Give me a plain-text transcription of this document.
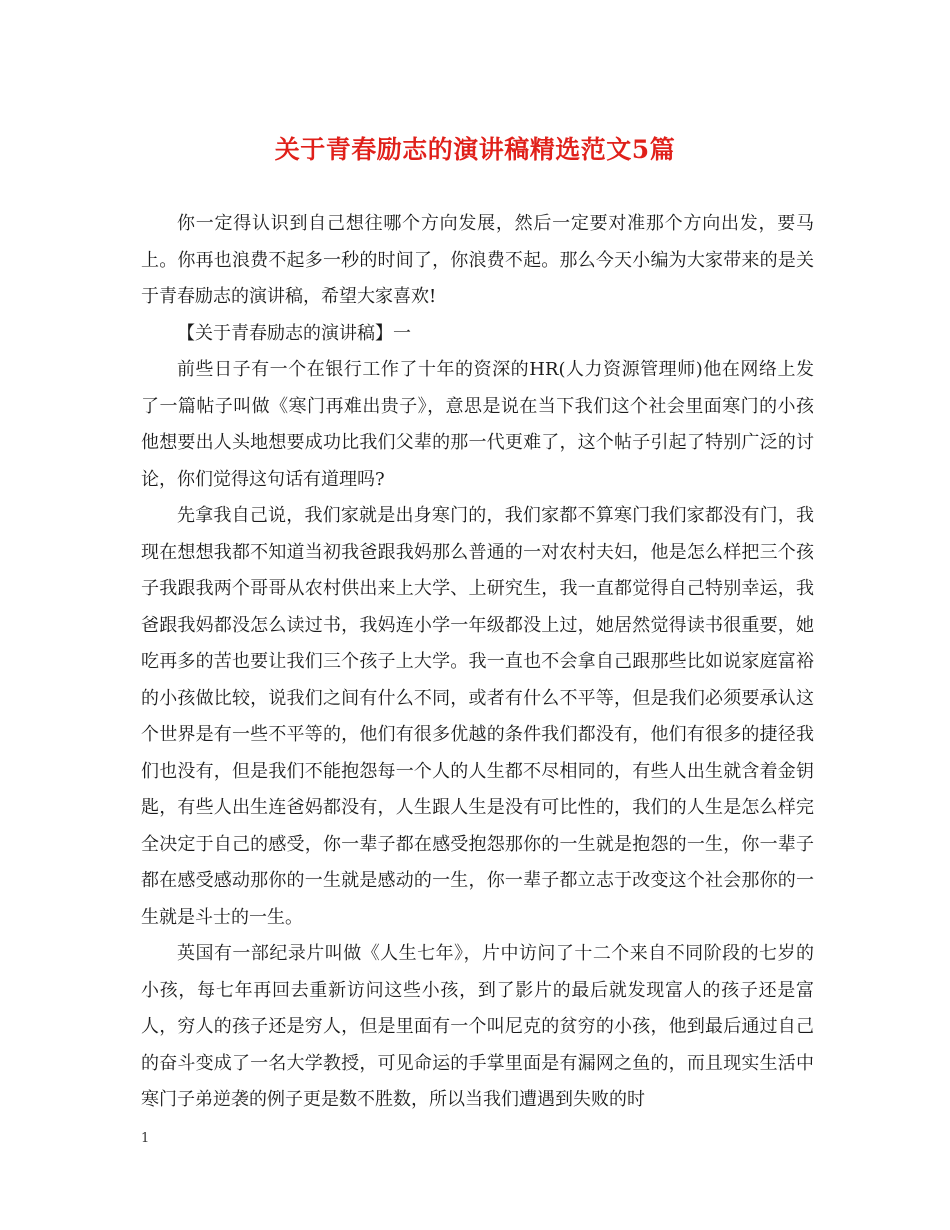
关于青春励志的演讲稿精选范文5篇

你一定得认识到自己想往哪个方向发展，然后一定要对准那个方向出发，要马上。你再也浪费不起多一秒的时间了，你浪费不起。那么今天小编为大家带来的是关于青春励志的演讲稿，希望大家喜欢!

【关于青春励志的演讲稿】一

前些日子有一个在银行工作了十年的资深的HR(人力资源管理师)他在网络上发了一篇帖子叫做《寒门再难出贵子》，意思是说在当下我们这个社会里面寒门的小孩他想要出人头地想要成功比我们父辈的那一代更难了，这个帖子引起了特别广泛的讨论，你们觉得这句话有道理吗?

先拿我自己说，我们家就是出身寒门的，我们家都不算寒门我们家都没有门，我现在想想我都不知道当初我爸跟我妈那么普通的一对农村夫妇，他是怎么样把三个孩子我跟我两个哥哥从农村供出来上大学、上研究生，我一直都觉得自己特别幸运，我爸跟我妈都没怎么读过书，我妈连小学一年级都没上过，她居然觉得读书很重要，她吃再多的苦也要让我们三个孩子上大学。我一直也不会拿自己跟那些比如说家庭富裕的小孩做比较，说我们之间有什么不同，或者有什么不平等，但是我们必须要承认这个世界是有一些不平等的，他们有很多优越的条件我们都没有，他们有很多的捷径我们也没有，但是我们不能抱怨每一个人的人生都不尽相同的，有些人出生就含着金钥匙，有些人出生连爸妈都没有，人生跟人生是没有可比性的，我们的人生是怎么样完全决定于自己的感受，你一辈子都在感受抱怨那你的一生就是抱怨的一生，你一辈子都在感受感动那你的一生就是感动的一生，你一辈子都立志于改变这个社会那你的一生就是斗士的一生。

英国有一部纪录片叫做《人生七年》，片中访问了十二个来自不同阶段的七岁的小孩，每七年再回去重新访问这些小孩，到了影片的最后就发现富人的孩子还是富人，穷人的孩子还是穷人，但是里面有一个叫尼克的贫穷的小孩，他到最后通过自己的奋斗变成了一名大学教授，可见命运的手掌里面是有漏网之鱼的，而且现实生活中寒门子弟逆袭的例子更是数不胜数，所以当我们遭遇到失败的时

1
